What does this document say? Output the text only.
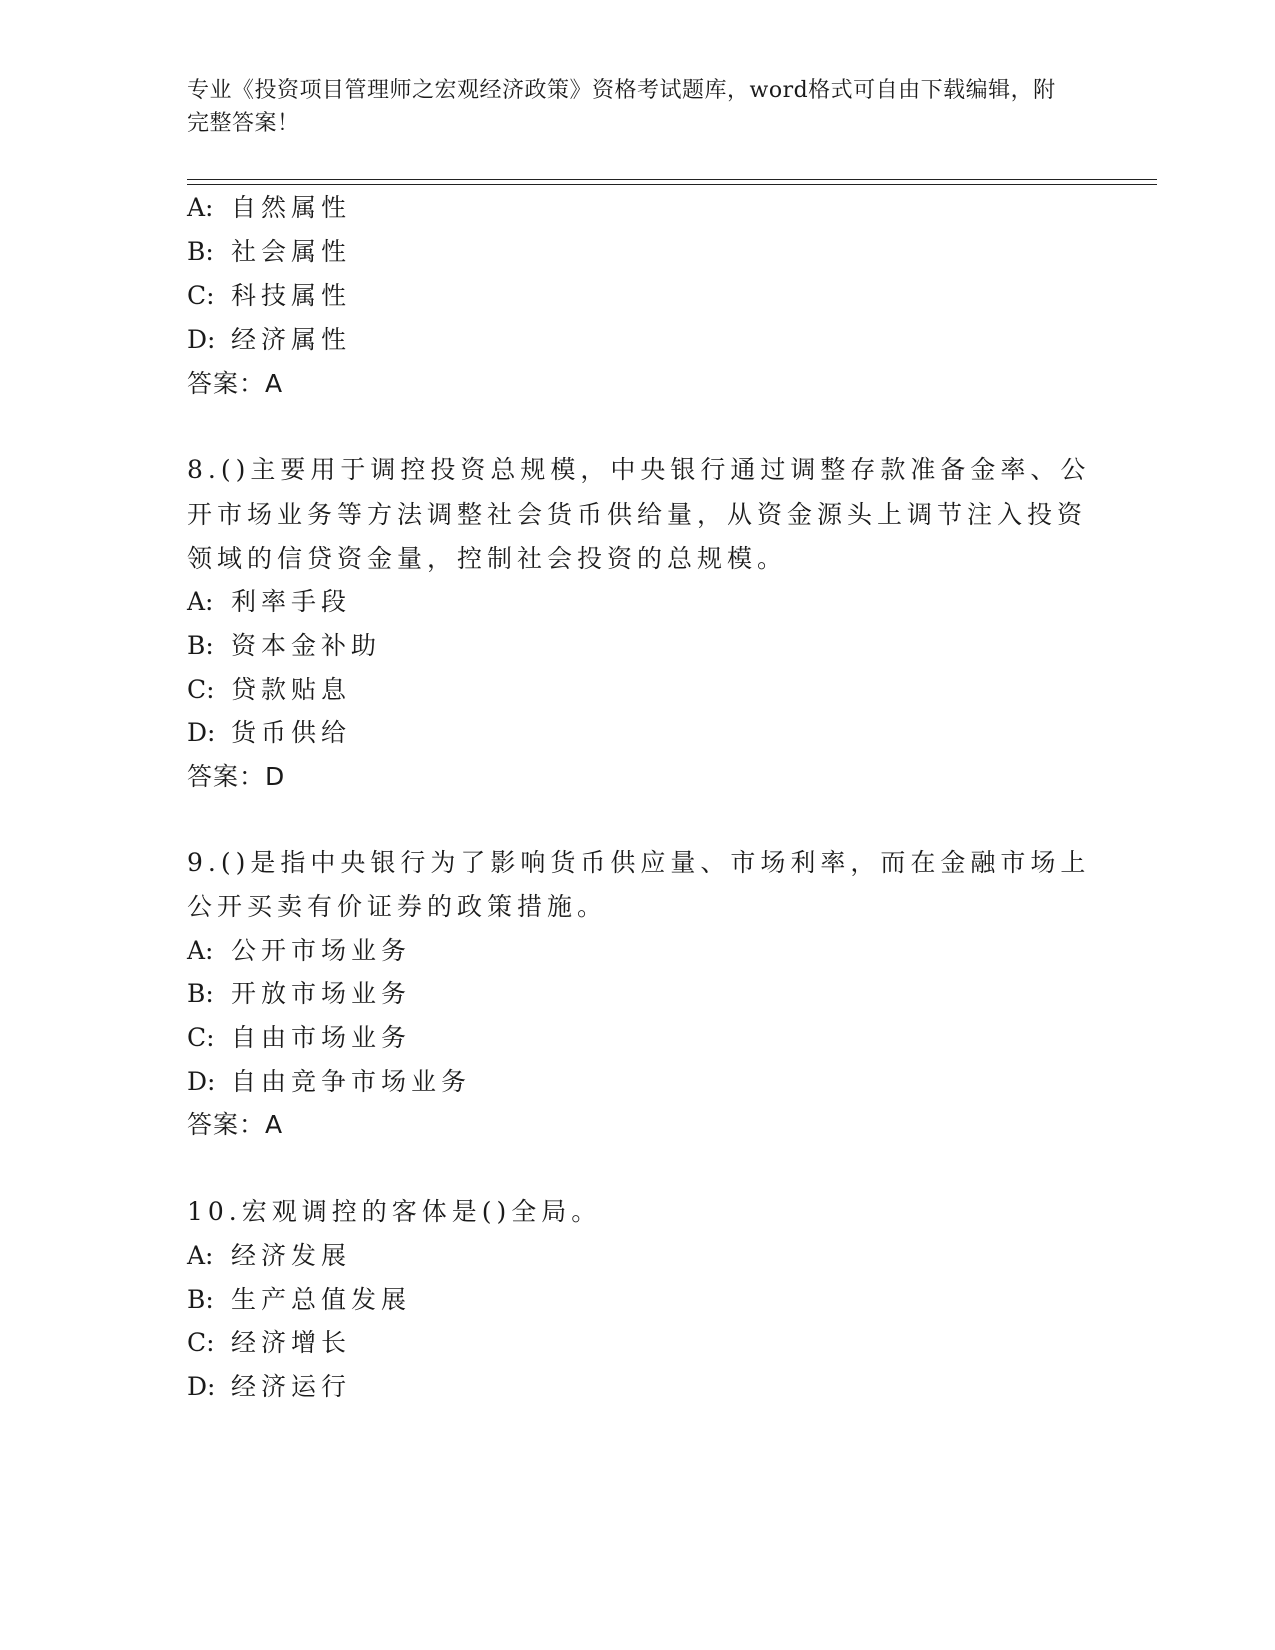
专业《投资项目管理师之宏观经济政策》资格考试题库，word格式可自由下载编辑，附完整答案！
A: 自然属性
B: 社会属性
C: 科技属性
D: 经济属性
答案：A
8.()主要用于调控投资总规模，中央银行通过调整存款准备金率、公
开市场业务等方法调整社会货币供给量，从资金源头上调节注入投资
领域的信贷资金量，控制社会投资的总规模。
A: 利率手段
B: 资本金补助
C: 贷款贴息
D: 货币供给
答案：D
9.()是指中央银行为了影响货币供应量、市场利率，而在金融市场上
公开买卖有价证券的政策措施。
A: 公开市场业务
B: 开放市场业务
C: 自由市场业务
D: 自由竞争市场业务
答案：A
10.宏观调控的客体是()全局。
A: 经济发展
B: 生产总值发展
C: 经济增长
D: 经济运行
